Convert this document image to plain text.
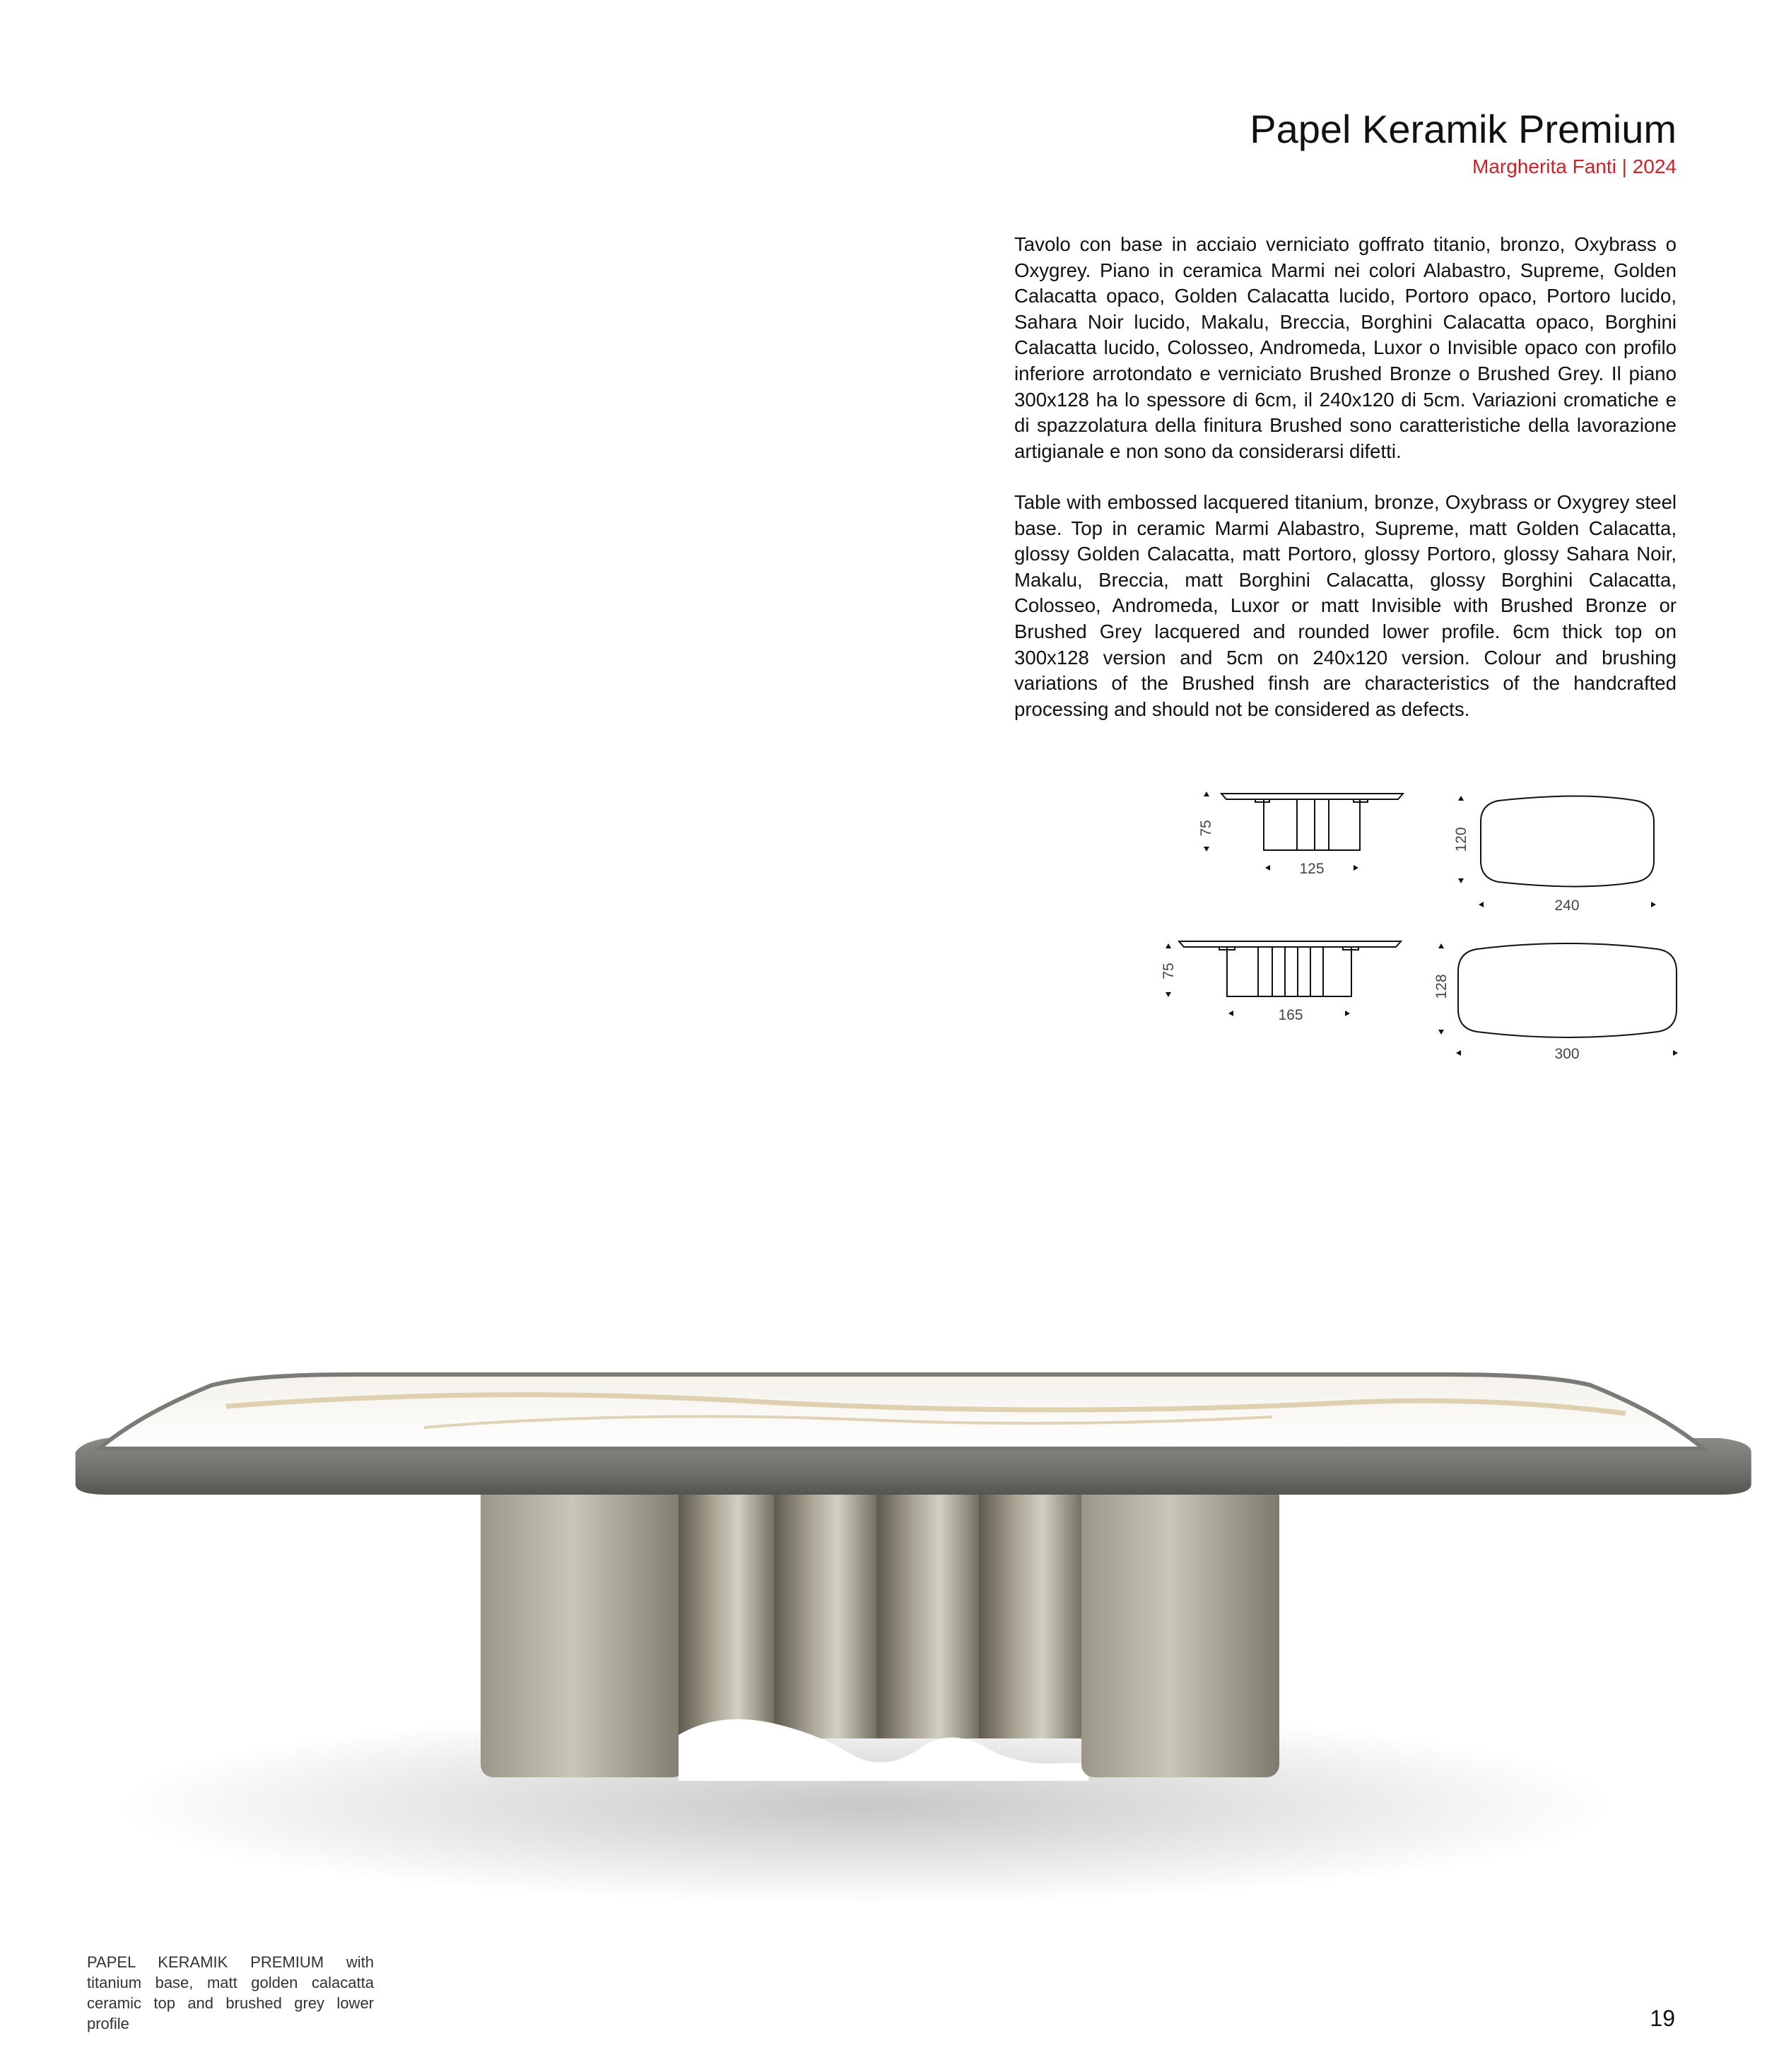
Papel Keramik Premium
Margherita Fanti | 2024

Tavolo con base in acciaio verniciato goffrato titanio, bronzo, Oxybrass o Oxygrey. Piano in ceramica Marmi nei colori Alabastro, Supreme, Golden Calacatta opaco, Golden Calacatta lucido, Portoro opaco, Portoro lucido, Sahara Noir lucido, Makalu, Breccia, Borghini Calacatta opaco, Borghini Calacatta lucido, Colosseo, Andromeda, Luxor o Invisible opaco con profilo inferiore arrotondato e verniciato Brushed Bronze o Brushed Grey. Il piano 300x128 ha lo spessore di 6cm, il 240x120 di 5cm. Variazioni cromatiche e di spazzolatura della finitura Brushed sono caratteristiche della lavorazione artigianale e non sono da considerarsi difetti.

Table with embossed lacquered titanium, bronze, Oxybrass or Oxygrey steel base. Top in ceramic Marmi Alabastro, Supreme, matt Golden Calacatta, glossy Golden Calacatta, matt Portoro, glossy Portoro, glossy Sahara Noir, Makalu, Breccia, matt Borghini Calacatta, glossy Borghini Calacatta, Colosseo, Andromeda, Luxor or matt Invisible with Brushed Bronze or Brushed Grey lacquered and rounded lower profile. 6cm thick top on 300x128 version and 5cm on 240x120 version. Colour and brushing variations of the Brushed finsh are characteristics of the handcrafted processing and should not be considered as defects.

75
125
120
240
75
165
128
300

PAPEL KERAMIK PREMIUM with titanium base, matt golden calacatta ceramic top and brushed grey lower profile	19
